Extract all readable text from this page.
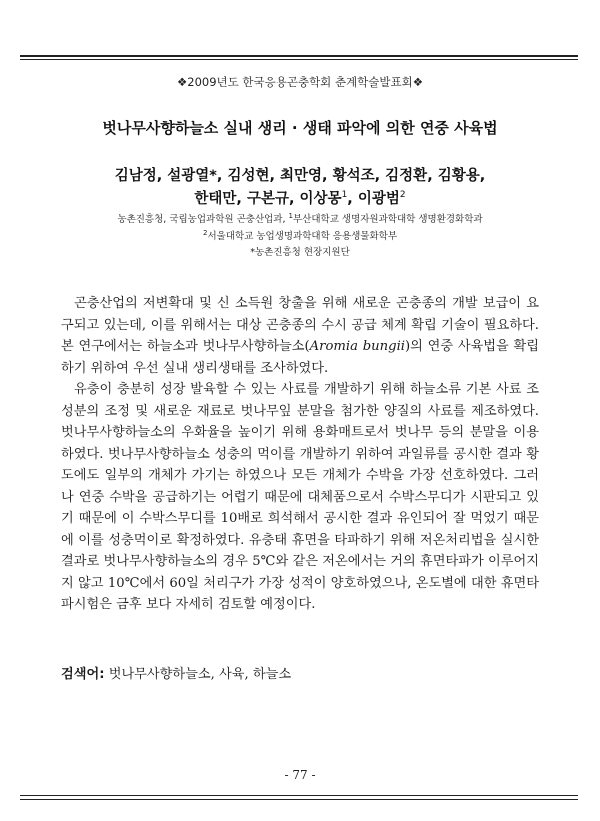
❖2009년도 한국응용곤충학회 춘계학술발표회❖
벗나무사향하늘소 실내 생리 · 생태 파악에 의한 연중 사육법
김남정, 설광열*, 김성현, 최만영, 황석조, 김정환, 김황용,
한태만, 구본규, 이상몽$^1$, 이광범$^2$
농촌진흥청, 국립농업과학원 곤충산업과, $^1$부산대학교 생명자원과학대학 생명환경화학과
$^2$서울대학교 농업생명과학대학 응용생물화학부
*농촌진흥청 현장지원단

곤충산업의 저변확대 및 신 소득원 창출을 위해 새로운 곤충종의 개발 보급이 요구되고 있는데, 이를 위해서는 대상 곤충종의 수시 공급 체계 확립 기술이 필요하다. 본 연구에서는 하늘소과 벗나무사향하늘소(Aromia bungii)의 연중 사육법을 확립하기 위하여 우선 실내 생리생태를 조사하였다.

유충이 충분히 성장 발육할 수 있는 사료를 개발하기 위해 하늘소류 기본 사료 조성분의 조정 및 새로운 재료로 벗나무잎 분말을 첨가한 양질의 사료를 제조하였다. 벗나무사향하늘소의 우화율을 높이기 위해 용화매트로서 벗나무 등의 분말을 이용하였다. 벗나무사향하늘소 성충의 먹이를 개발하기 위하여 과일류를 공시한 결과 황도에도 일부의 개체가 가기는 하였으나 모든 개체가 수박을 가장 선호하였다. 그러나 연중 수박을 공급하기는 어렵기 때문에 대체품으로서 수박스무디가 시판되고 있기 때문에 이 수박스무디를 10배로 희석해서 공시한 결과 유인되어 잘 먹었기 때문에 이를 성충먹이로 확정하였다. 유충태 휴면을 타파하기 위해 저온처리법을 실시한 결과로 벗나무사향하늘소의 경우 5℃와 같은 저온에서는 거의 휴면타파가 이루어지지 않고 10℃에서 60일 처리구가 가장 성적이 양호하였으나, 온도별에 대한 휴면타파시험은 금후 보다 자세히 검토할 예정이다.

검색어: 벗나무사향하늘소, 사육, 하늘소
- 77 -
